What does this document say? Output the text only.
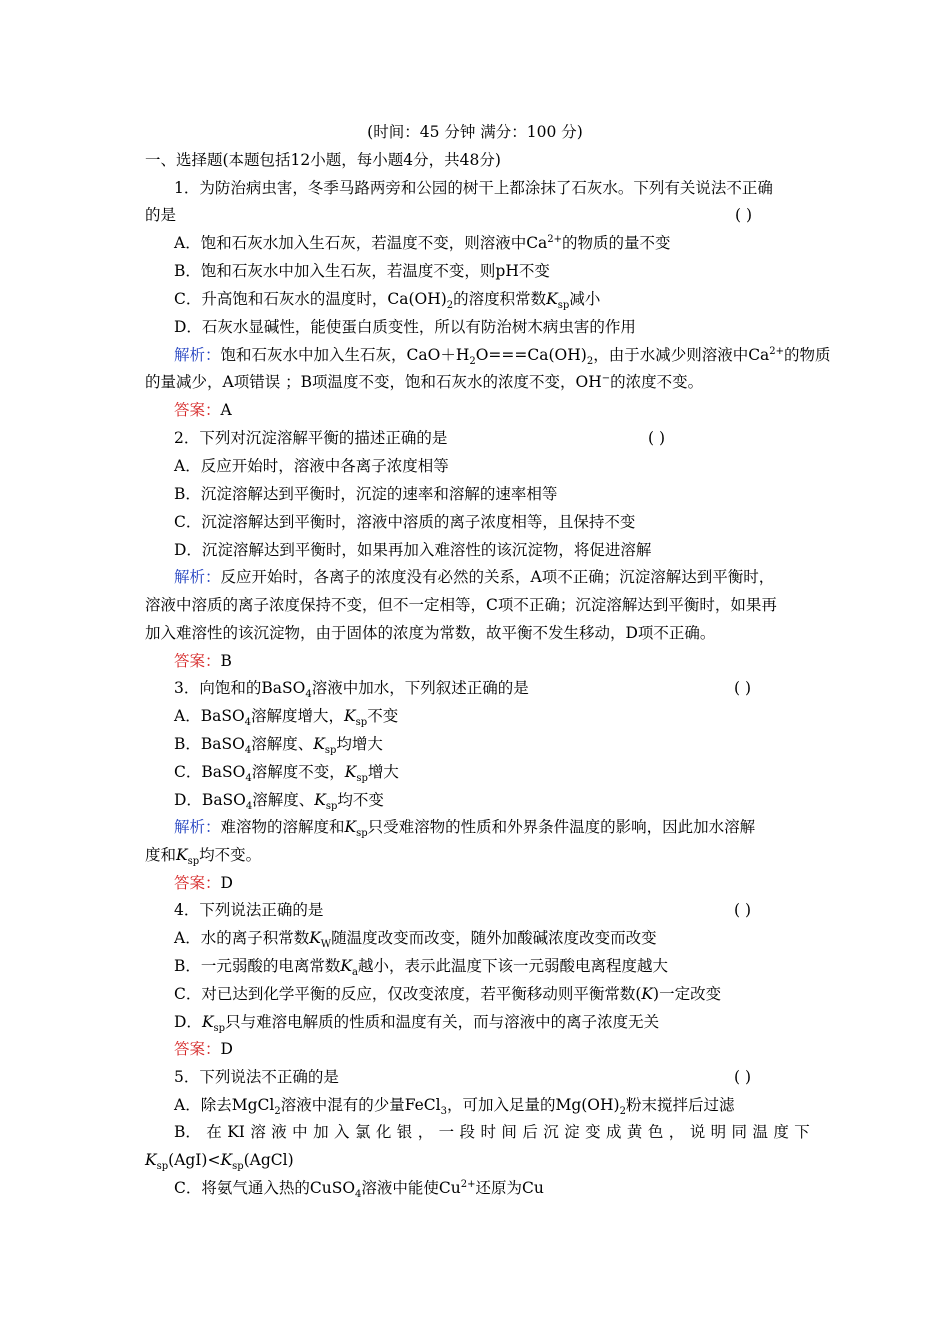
(时间：45 分钟 满分：100 分)
一、选择题(本题包括12小题，每小题4分，共48分)
1．为防治病虫害，冬季马路两旁和公园的树干上都涂抹了石灰水。下列有关说法不正确
的是	( )
A．饱和石灰水加入生石灰，若温度不变，则溶液中$Ca^{2+}$的物质的量不变
B．饱和石灰水中加入生石灰，若温度不变，则pH不变
C．升高饱和石灰水的温度时，$Ca(OH)_2$的溶度积常数$K_{sp}$减小
D．石灰水显碱性，能使蛋白质变性，所以有防治树木病虫害的作用
解析：饱和石灰水中加入生石灰，$CaO+H_2O===Ca(OH)_2$，由于水减少则溶液中$Ca^{2+}$的物质
的量减少，A项错误 ；B项温度不变，饱和石灰水的浓度不变，OH−的浓度不变。
答案：A
2．下列对沉淀溶解平衡的描述正确的是	( )
A．反应开始时，溶液中各离子浓度相等
B．沉淀溶解达到平衡时，沉淀的速率和溶解的速率相等
C．沉淀溶解达到平衡时，溶液中溶质的离子浓度相等，且保持不变
D．沉淀溶解达到平衡时，如果再加入难溶性的该沉淀物，将促进溶解
解析：反应开始时，各离子的浓度没有必然的关系，A项不正确；沉淀溶解达到平衡时，
溶液中溶质的离子浓度保持不变，但不一定相等，C项不正确；沉淀溶解达到平衡时，如果再
加入难溶性的该沉淀物，由于固体的浓度为常数，故平衡不发生移动，D项不正确。
答案：B
3．向饱和的BaSO$_4$溶液中加水，下列叙述正确的是	( )
A．BaSO$_4$溶解度增大，$K_{sp}$不变
B．BaSO$_4$溶解度、$K_{sp}$均增大
C．BaSO$_4$溶解度不变，$K_{sp}$增大
D．BaSO$_4$溶解度、$K_{sp}$均不变
解析：难溶物的溶解度和$K_{sp}$只受难溶物的性质和外界条件温度的影响，因此加水溶解
度和$K_{sp}$均不变。
答案：D
4．下列说法正确的是	( )
A．水的离子积常数$K_W$随温度改变而改变，随外加酸碱浓度改变而改变
B．一元弱酸的电离常数$K_a$越小，表示此温度下该一元弱酸电离程度越大
C．对已达到化学平衡的反应，仅改变浓度，若平衡移动则平衡常数(K)一定改变
D．$K_{sp}$只与难溶电解质的性质和温度有关，而与溶液中的离子浓度无关
答案：D
5．下列说法不正确的是	( )
A．除去MgCl$_2$溶液中混有的少量FeCl$_3$，可加入足量的$Mg(OH)_2$粉末搅拌后过滤
B． 在 KI 溶 液 中 加 入 氯 化 银 ， 一 段 时 间 后 沉 淀 变 成 黄 色 ， 说 明 同 温 度 下
$K_{sp}(AgI)<K_{sp}(AgCl)$
C．将氨气通入热的CuSO$_4$溶液中能使$Cu^{2+}$还原为Cu
